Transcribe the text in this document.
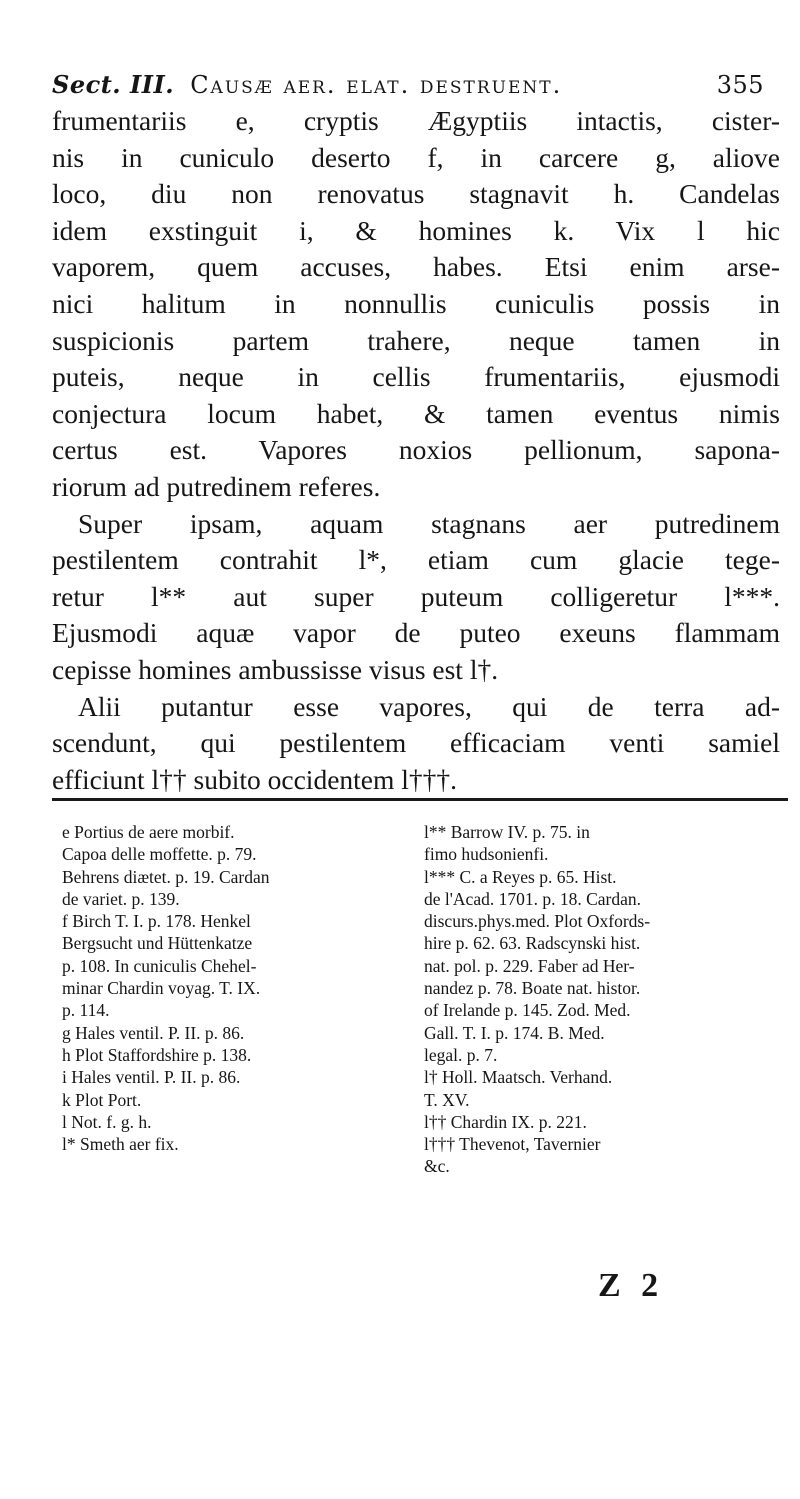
Sect. III. Causæ aer. elat. destruent.	355
frumentariis e, cryptis Ægyptiis intactis, cister-
nis in cuniculo deserto f, in carcere g, aliove
loco, diu non renovatus stagnavit h. Candelas
idem exstinguit i, & homines k. Vix l hic
vaporem, quem accuses, habes. Etsi enim arse-
nici halitum in nonnullis cuniculis possis in
suspicionis partem trahere, neque tamen in
puteis, neque in cellis frumentariis, ejusmodi
conjectura locum habet, & tamen eventus nimis
certus est. Vapores noxios pellionum, sapona-
riorum ad putredinem referes.
Super ipsam, aquam stagnans aer putredinem
pestilentem contrahit l*, etiam cum glacie tege-
retur l** aut super puteum colligeretur l***.
Ejusmodi aquæ vapor de puteo exeuns flammam
cepisse homines ambussisse visus est l†.
Alii putantur esse vapores, qui de terra ad-
scendunt, qui pestilentem efficaciam venti samiel
efficiunt l†† subito occidentem l†††.
e Portius de aere morbif.
Capoa delle moffette. p. 79.
Behrens diætet. p. 19. Cardan
de variet. p. 139.
f Birch T. I. p. 178. Henkel
Bergsucht und Hüttenkatze
p. 108. In cuniculis Chehel-
minar Chardin voyag. T. IX.
p. 114.
g Hales ventil. P. II. p. 86.
h Plot Staffordshire p. 138.
i Hales ventil. P. II. p. 86.
k Plot Port.
l Not. f. g. h.
l* Smeth aer fix.
l** Barrow IV. p. 75. in
fimo hudsonienfi.
l*** C. a Reyes p. 65. Hist.
de l'Acad. 1701. p. 18. Cardan.
discurs.phys.med. Plot Oxfords-
hire p. 62. 63. Radscynski hist.
nat. pol. p. 229. Faber ad Her-
nandez p. 78. Boate nat. histor.
of Irelande p. 145. Zod. Med.
Gall. T. I. p. 174. B. Med.
legal. p. 7.
l† Holl. Maatsch. Verhand.
T. XV.
l†† Chardin IX. p. 221.
l††† Thevenot, Tavernier
&c.
Z 2
